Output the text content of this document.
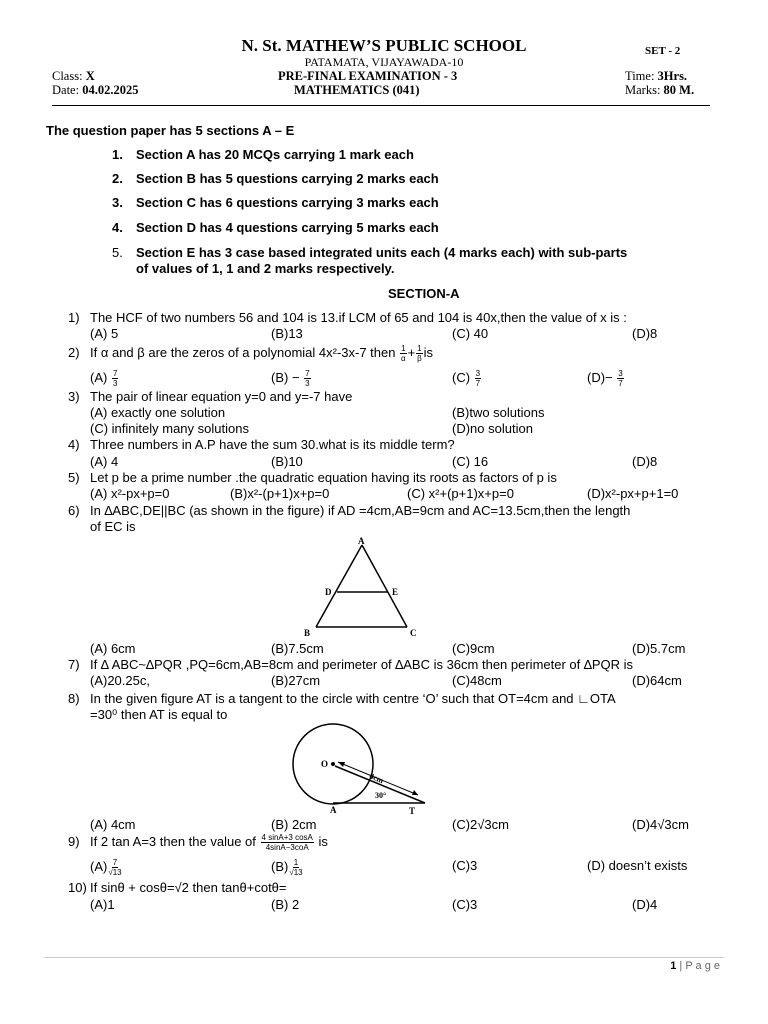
N. St. MATHEW’S PUBLIC SCHOOL	SET - 2
PATAMATA, VIJAYAWADA-10
Class: X	PRE-FINAL EXAMINATION - 3	Time: 3Hrs.
Date: 04.02.2025	MATHEMATICS (041)	Marks: 80 M.
The question paper has 5 sections A – E
1. Section A has 20 MCQs carrying 1 mark each
2. Section B has 5 questions carrying 2 marks each
3. Section C has 6 questions carrying 3 marks each
4. Section D has 4 questions carrying 5 marks each
5. Section E has 3 case based integrated units each (4 marks each) with sub-parts
of values of 1, 1 and 2 marks respectively.
SECTION-A
1) The HCF of two numbers 56 and 104 is 13.if LCM of 65 and 104 is 40x,then the value of x is :
(A) 5	(B)13	(C) 40	(D)8
2) If α and β are the zeros of a polynomial 4x²-3x-7 then $\frac{1}{\alpha} + \frac{1}{\beta}$ is
$(A) \frac{7}{3}$	$(B) - \frac{7}{3}$	$(C) \frac{3}{7}$	$(D)- \frac{3}{7}$
3) The pair of linear equation y=0 and y=-7 have
(A) exactly one solution	(B)two solutions
(C) infinitely many solutions	(D)no solution
4) Three numbers in A.P have the sum 30.what is its middle term?
(A) 4	(B)10	(C) 16	(D)8
5) Let p be a prime number .the quadratic equation having its roots as factors of p is
(A) x²-px+p=0	(B)x²-(p+1)x+p=0	(C) x²+(p+1)x+p=0	(D)x²-px+p+1=0
6) In ∆ABC,DE||BC (as shown in the figure) if AD =4cm,AB=9cm and AC=13.5cm,then the length
of EC is
A
D	E
B	C
(A) 6cm	(B)7.5cm	(C)9cm	(D)5.7cm
7) If ∆ ABC~∆PQR ,PQ=6cm,AB=8cm and perimeter of ∆ABC is 36cm then perimeter of ∆PQR is
(A)20.25c,	(B)27cm	(C)48cm	(D)64cm
8) In the given figure AT is a tangent to the circle with centre ‘O’ such that OT=4cm and ∟OTA
=30⁰ then AT is equal to
O
A	T
4cm
30°
(A) 4cm	(B) 2cm	(C)2√3cm	(D)4√3cm
9) If 2 tan A=3 then the value of $\frac{4 \sin A+3 \cos A}{\text{4sinA−3coA}}$ is
$(A) \frac{7}{√13}$	$(B) \frac{1}{√13}$	(C)3	(D) doesn’t exists
10) If sinθ + cosθ=√2 then tanθ+cotθ=
(A)1	(B) 2	(C)3	(D)4
1 | P a g e
